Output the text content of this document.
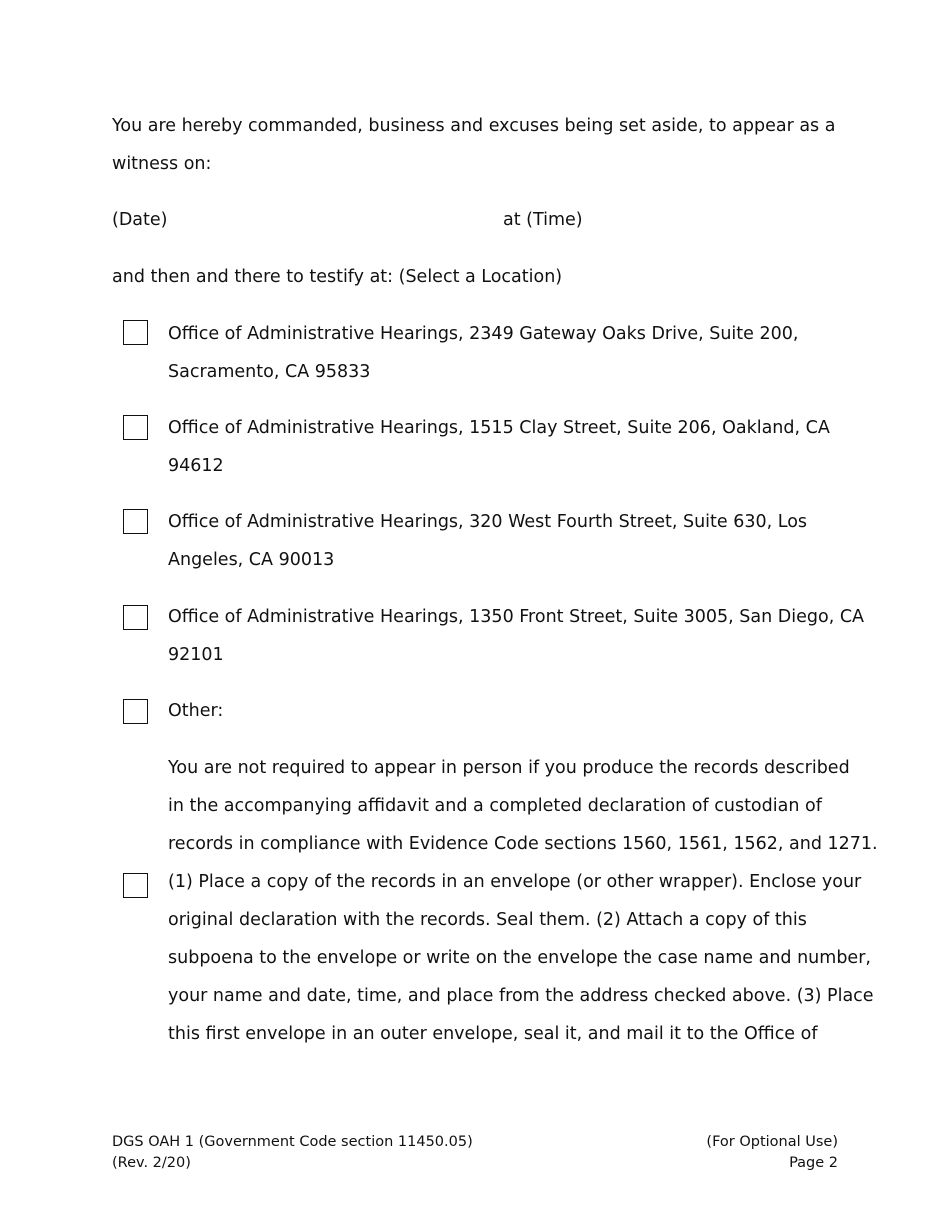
You are hereby commanded, business and excuses being set aside, to appear as a
witness on:
(Date)	at (Time)
and then and there to testify at: (Select a Location)
Office of Administrative Hearings, 2349 Gateway Oaks Drive, Suite 200,
Sacramento, CA 95833
Office of Administrative Hearings, 1515 Clay Street, Suite 206, Oakland, CA
94612
Office of Administrative Hearings, 320 West Fourth Street, Suite 630, Los
Angeles, CA 90013
Office of Administrative Hearings, 1350 Front Street, Suite 3005, San Diego, CA
92101
Other:
You are not required to appear in person if you produce the records described
in the accompanying affidavit and a completed declaration of custodian of
records in compliance with Evidence Code sections 1560, 1561, 1562, and 1271.
(1) Place a copy of the records in an envelope (or other wrapper). Enclose your
original declaration with the records. Seal them. (2) Attach a copy of this
subpoena to the envelope or write on the envelope the case name and number,
your name and date, time, and place from the address checked above. (3) Place
this first envelope in an outer envelope, seal it, and mail it to the Office of
DGS OAH 1 (Government Code section 11450.05)
(Rev. 2/20)
(For Optional Use)
Page 2
